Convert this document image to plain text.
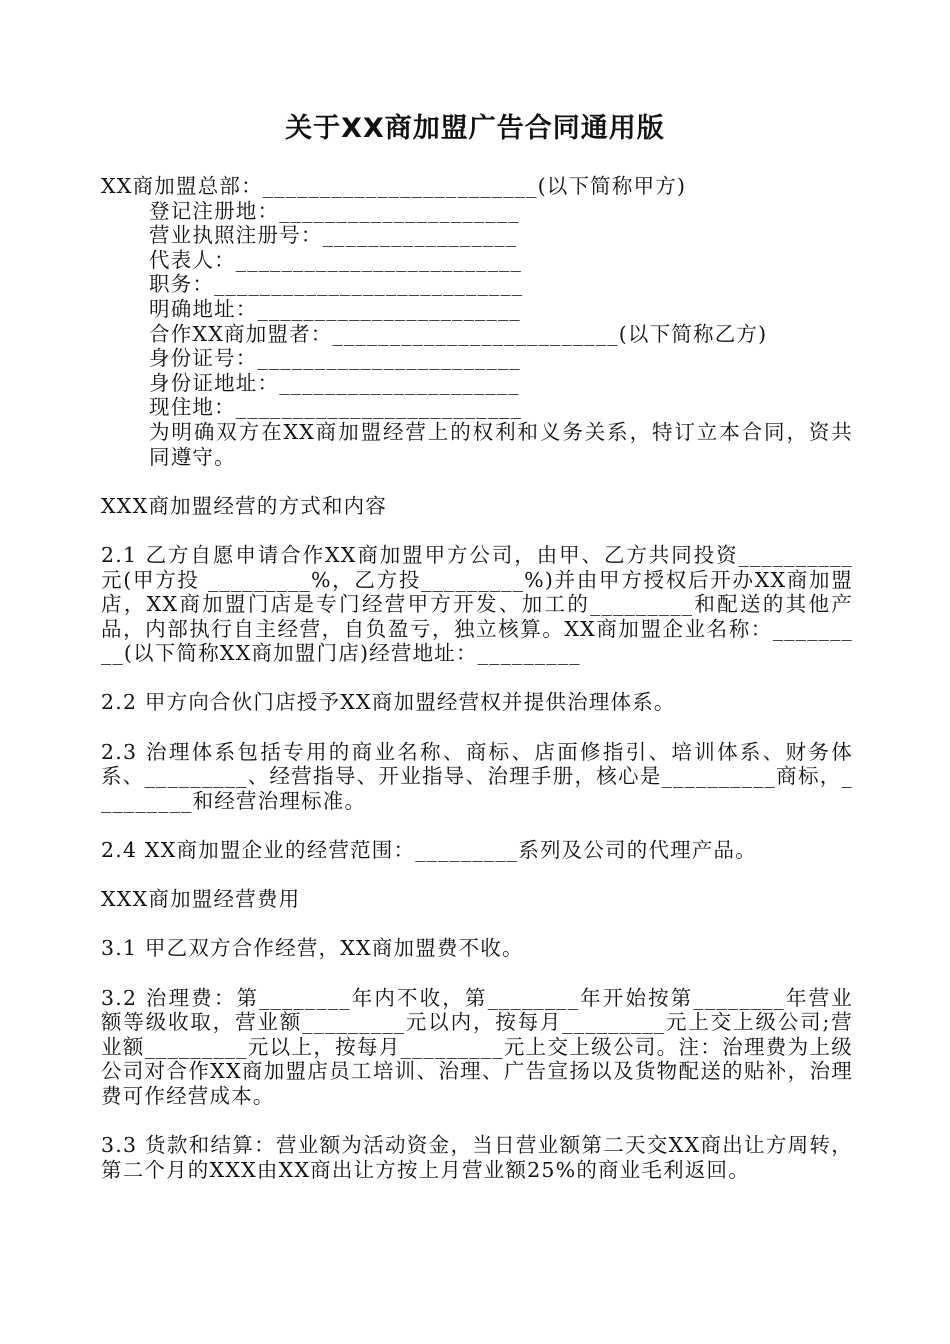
关于XX商加盟广告合同通用版
XX商加盟总部：________________________(以下简称甲方)
登记注册地：_____________________
营业执照注册号：_________________
代表人：_________________________
职务：___________________________
明确地址：_______________________
合作XX商加盟者：_________________________(以下简称乙方)
身份证号：_______________________
身份证地址：_____________________
现住地：_________________________

为明确双方在XX商加盟经营上的权利和义务关系，特订立本合同，资共同遵守。

XXX商加盟经营的方式和内容

2.1 乙方自愿申请合作XX商加盟甲方公司，由甲、乙方共同投资__________元(甲方投 _________%，乙方投_________%)并由甲方授权后开办XX商加盟店，XX商加盟门店是专门经营甲方开发、加工的_________和配送的其他产品，内部执行自主经营，自负盈亏，独立核算。XX商加盟企业名称：_________(以下简称XX商加盟门店)经营地址：_________

2.2 甲方向合伙门店授予XX商加盟经营权并提供治理体系。

2.3 治理体系包括专用的商业名称、商标、店面修指引、培训体系、财务体系、_________、经营指导、开业指导、治理手册，核心是__________商标，_________和经营治理标准。

2.4 XX商加盟企业的经营范围：_________系列及公司的代理产品。

XXX商加盟经营费用

3.1 甲乙双方合作经营，XX商加盟费不收。

3.2 治理费：第________年内不收，第________年开始按第________年营业额等级收取，营业额_________元以内，按每月_________元上交上级公司;营业额_________元以上，按每月_________元上交上级公司。注：治理费为上级公司对合作XX商加盟店员工培训、治理、广告宣扬以及货物配送的贴补，治理费可作经营成本。

3.3 货款和结算：营业额为活动资金，当日营业额第二天交XX商出让方周转，第二个月的XXX由XX商出让方按上月营业额25%的商业毛利返回。
